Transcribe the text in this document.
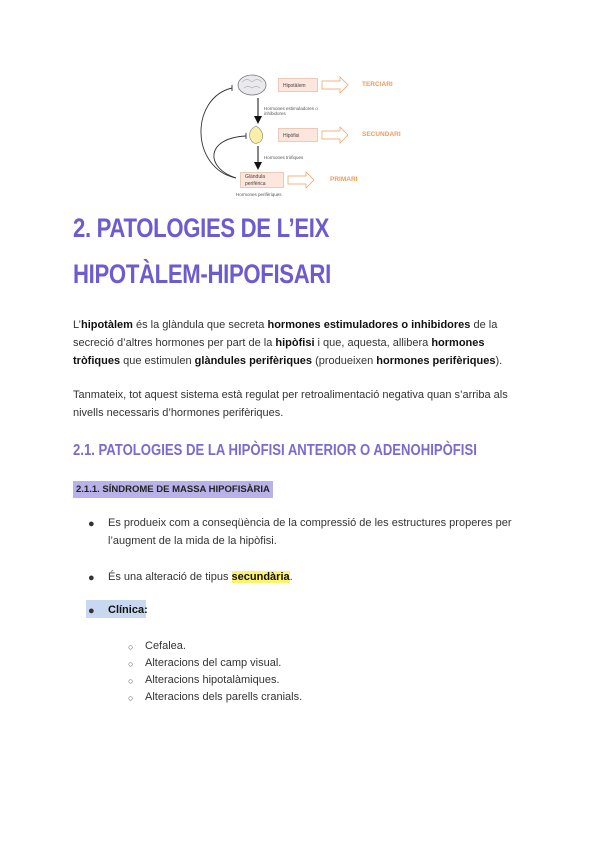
Hipotàlem
Hipòfisi
Glàndula perifèrica
TERCIARI
SECUNDARI
PRIMARI
Hormones estimuladores o inhibidores
Hormones tròfiques
Hormones perifèriques
2. PATOLOGIES DE L’EIX
HIPOTÀLEM-HIPOFISARI
L’hipotàlem és la glàndula que secreta hormones estimuladores o inhibidores de la secreció d’altres hormones per part de la hipòfisi i que, aquesta, allibera hormones tròfiques que estimulen glàndules perifèriques (produeixen hormones perifèriques).
Tanmateix, tot aquest sistema està regulat per retroalimentació negativa quan s’arriba als nivells necessaris d’hormones perifèriques.
2.1. PATOLOGIES DE LA HIPÒFISI ANTERIOR O ADENOHIPÒFISI
2.1.1. SÍNDROME DE MASSA HIPOFISÀRIA
● Es produeix com a conseqüència de la compressió de les estructures properes per l’augment de la mida de la hipòfisi.
● És una alteració de tipus secundària.
● Clínica:
○ Cefalea.
○ Alteracions del camp visual.
○ Alteracions hipotalàmiques.
○ Alteracions dels parells cranials.
